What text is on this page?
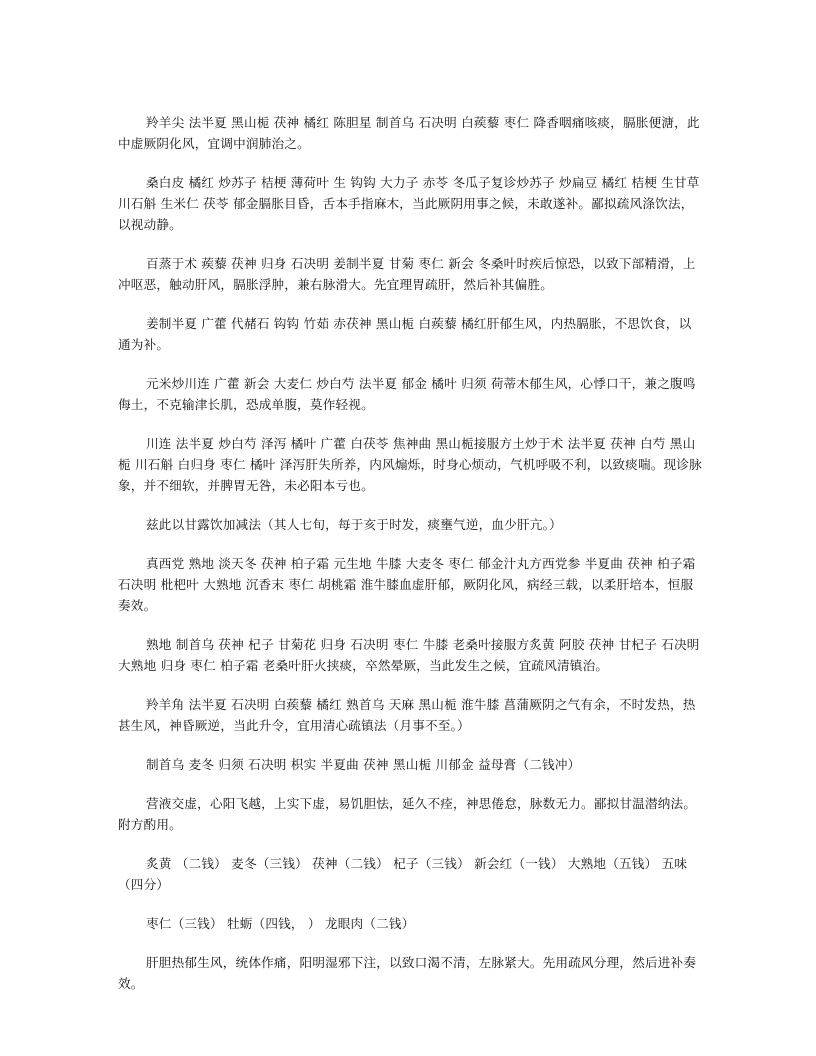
羚羊尖 法半夏 黑山栀 茯神 橘红 陈胆星 制首乌 石决明 白蒺藜 枣仁 降香咽痛咳痰，膈胀便溏，此中虚厥阴化风，宜调中润肺治之。

桑白皮 橘红 炒苏子 桔梗 薄荷叶 生 钩钩 大力子 赤苓 冬瓜子复诊炒苏子 炒扁豆 橘红 桔梗 生甘草 川石斛 生米仁 茯苓 郁金膈胀目昏，舌本手指麻木，当此厥阴用事之候，未敢遂补。鄙拟疏风涤饮法，以视动静。

百蒸于术 蒺藜 茯神 归身 石决明 姜制半夏 甘菊 枣仁 新会 冬桑叶时疾后惊恐，以致下部精滑，上冲呕恶，触动肝风，膈胀浮肿，兼右脉滑大。先宜理胃疏肝，然后补其偏胜。

姜制半夏 广藿 代赭石 钩钩 竹茹 赤茯神 黑山栀 白蒺藜 橘红肝郁生风，内热膈胀，不思饮食，以通为补。

元米炒川连 广藿 新会 大麦仁 炒白芍 法半夏 郁金 橘叶 归须 荷蒂木郁生风，心悸口干，兼之腹鸣侮土，不克输津长肌，恐成单腹，莫作轻视。

川连 法半夏 炒白芍 泽泻 橘叶 广藿 白茯苓 焦神曲 黑山栀接服方土炒于术 法半夏 茯神 白芍 黑山栀 川石斛 白归身 枣仁 橘叶 泽泻肝失所养，内风煽烁，时身心烦动，气机呼吸不利，以致痰喘。现诊脉象，并不细软，并脾胃无咎，未必阳本亏也。

兹此以甘露饮加减法（其人七旬，每于亥于时发，痰壅气逆，血少肝亢。）

真西党 熟地 淡天冬 茯神 柏子霜 元生地 牛膝 大麦冬 枣仁 郁金汁丸方西党参 半夏曲 茯神 柏子霜 石决明 枇杷叶 大熟地 沉香末 枣仁 胡桃霜 淮牛膝血虚肝郁，厥阴化风，病经三载，以柔肝培本，恒服奏效。

熟地 制首乌 茯神 杞子 甘菊花 归身 石决明 枣仁 牛膝 老桑叶接服方炙黄 阿胶 茯神 甘杞子 石决明 大熟地 归身 枣仁 柏子霜 老桑叶肝火挟痰，卒然晕厥，当此发生之候，宜疏风清镇治。

羚羊角 法半夏 石决明 白蒺藜 橘红 熟首乌 天麻 黑山栀 淮牛膝 菖蒲厥阴之气有余，不时发热，热甚生风，神昏厥逆，当此升令，宜用清心疏镇法（月事不至。）

制首乌 麦冬 归须 石决明 枳实 半夏曲 茯神 黑山栀 川郁金 益母膏（二钱冲）

营液交虚，心阳飞越，上实下虚，易饥胆怯，延久不痊，神思倦怠，脉数无力。鄙拟甘温潜纳法。附方酌用。

炙黄 （二钱） 麦冬（三钱） 茯神（二钱） 杞子（三钱） 新会红（一钱） 大熟地（五钱） 五味（四分）

枣仁（三钱） 牡蛎（四钱， ） 龙眼肉（二钱）

肝胆热郁生风，统体作痛，阳明湿邪下注，以致口渴不清，左脉紧大。先用疏风分理，然后进补奏效。
